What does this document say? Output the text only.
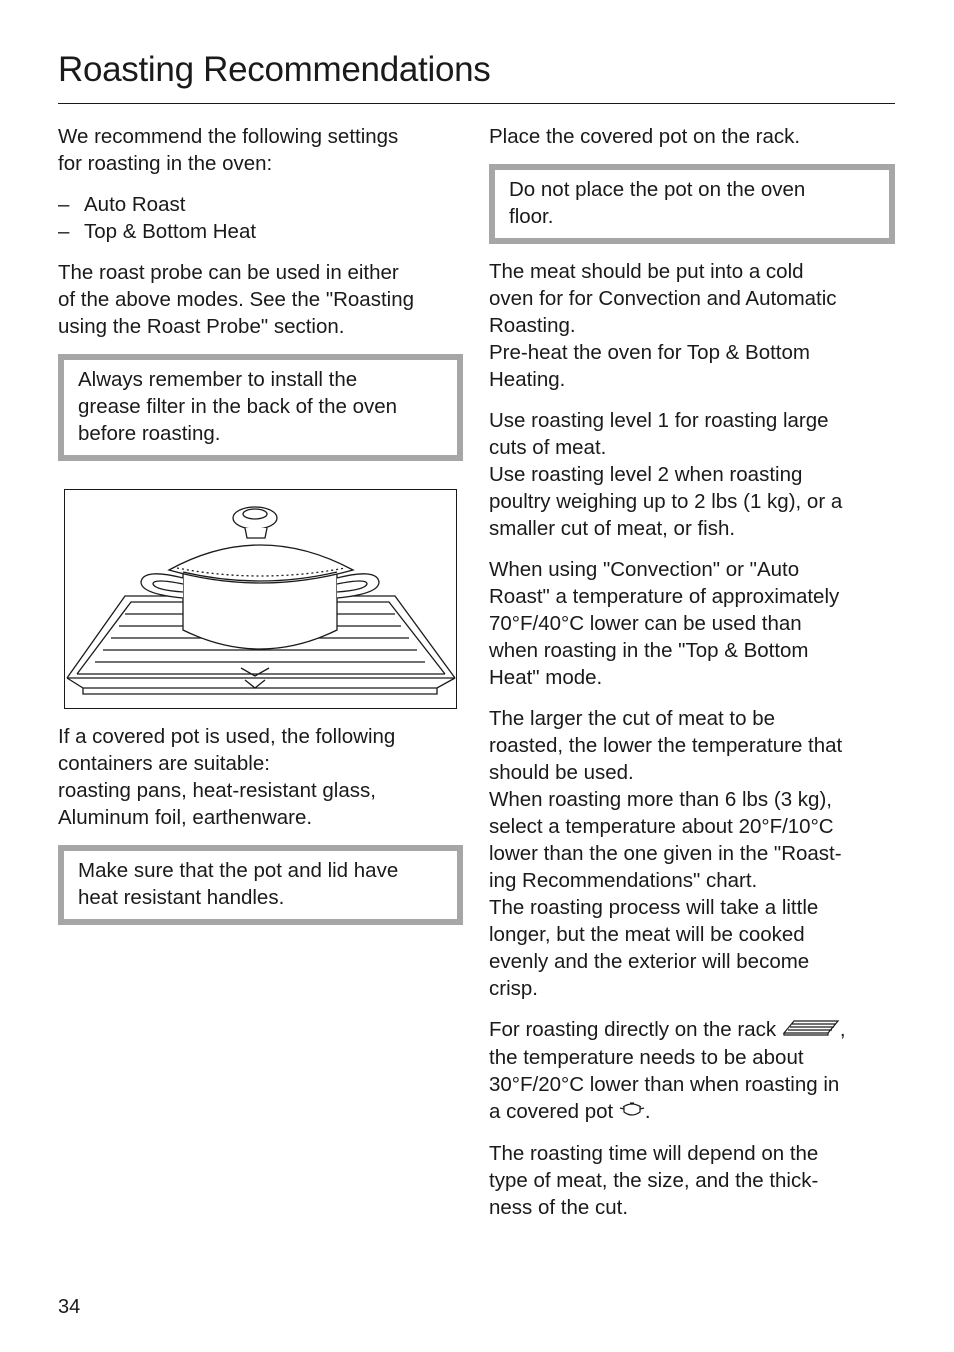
Roasting Recommendations

We recommend the following settings
for roasting in the oven:

– Auto Roast
– Top & Bottom Heat

The roast probe can be used in either
of the above modes. See the "Roasting
using the Roast Probe" section.

Always remember to install the
grease filter in the back of the oven
before roasting.

If a covered pot is used, the following
containers are suitable:
roasting pans, heat-resistant glass,
Aluminum foil, earthenware.

Make sure that the pot and lid have
heat resistant handles.

Place the covered pot on the rack.

Do not place the pot on the oven
floor.

The meat should be put into a cold
oven for for Convection and Automatic
Roasting.
Pre-heat the oven for Top & Bottom
Heating.

Use roasting level 1 for roasting large
cuts of meat.
Use roasting level 2 when roasting
poultry weighing up to 2 lbs (1 kg), or a
smaller cut of meat, or fish.

When using "Convection" or "Auto
Roast" a temperature of approximately
70°F/40°C lower can be used than
when roasting in the "Top & Bottom
Heat" mode.

The larger the cut of meat to be
roasted, the lower the temperature that
should be used.
When roasting more than 6 lbs (3 kg),
select a temperature about 20°F/10°C
lower than the one given in the "Roast-
ing Recommendations" chart.
The roasting process will take a little
longer, but the meat will be cooked
evenly and the exterior will become
crisp.

For roasting directly on the rack	,
the temperature needs to be about
30°F/20°C lower than when roasting in
a covered pot .

The roasting time will depend on the
type of meat, the size, and the thick-
ness of the cut.

34
